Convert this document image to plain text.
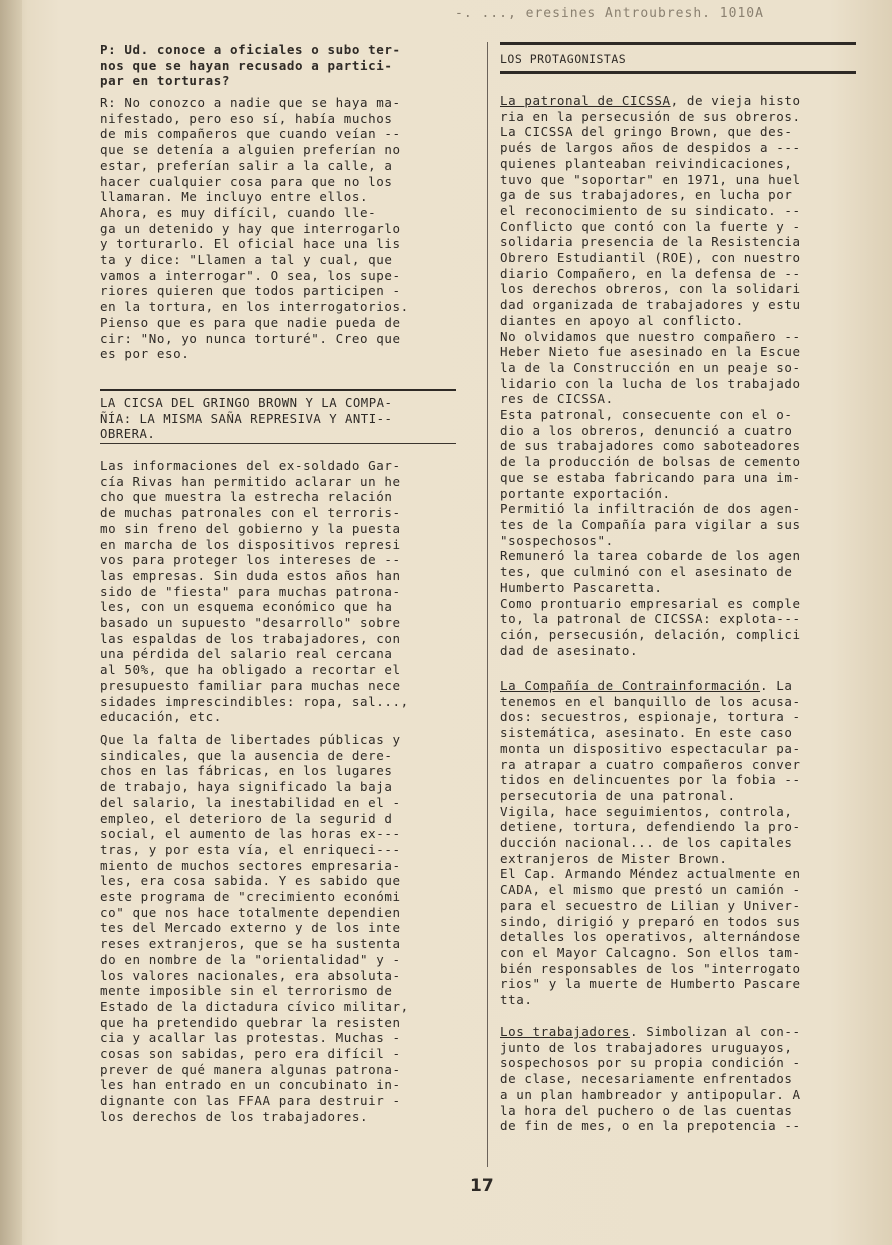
-. ..., eresines Antroubresh. 1010A

P: Ud. conoce a oficiales o subo ter-
nos que se hayan recusado a partici-
par en torturas?

R: No conozco a nadie que se haya ma-
nifestado, pero eso sí, había muchos
de mis compañeros que cuando veían --
que se detenía a alguien preferían no
estar, preferían salir a la calle, a
hacer cualquier cosa para que no los
llamaran. Me incluyo entre ellos.
Ahora, es muy difícil, cuando lle-
ga un detenido y hay que interrogarlo
y torturarlo. El oficial hace una lis
ta y dice: "Llamen a tal y cual, que
vamos a interrogar". O sea, los supe-
riores quieren que todos participen -
en la tortura, en los interrogatorios.
Pienso que es para que nadie pueda de
cir: "No, yo nunca torturé". Creo que
es por eso.

LA CICSA DEL GRINGO BROWN Y LA COMPA-
ÑÍA: LA MISMA SAÑA REPRESIVA Y ANTI--
OBRERA.

Las informaciones del ex-soldado Gar-
cía Rivas han permitido aclarar un he
cho que muestra la estrecha relación
de muchas patronales con el terroris-
mo sin freno del gobierno y la puesta
en marcha de los dispositivos represi
vos para proteger los intereses de --
las empresas. Sin duda estos años han
sido de "fiesta" para muchas patrona-
les, con un esquema económico que ha
basado un supuesto "desarrollo" sobre
las espaldas de los trabajadores, con
una pérdida del salario real cercana
al 50%, que ha obligado a recortar el
presupuesto familiar para muchas nece
sidades imprescindibles: ropa, sal...,
educación, etc.

Que la falta de libertades públicas y
sindicales, que la ausencia de dere-
chos en las fábricas, en los lugares
de trabajo, haya significado la baja
del salario, la inestabilidad en el -
empleo, el deterioro de la segurid d
social, el aumento de las horas ex---
tras, y por esta vía, el enriqueci---
miento de muchos sectores empresaria-
les, era cosa sabida. Y es sabido que
este programa de "crecimiento económi
co" que nos hace totalmente dependien
tes del Mercado externo y de los inte
reses extranjeros, que se ha sustenta
do en nombre de la "orientalidad" y -
los valores nacionales, era absoluta-
mente imposible sin el terrorismo de
Estado de la dictadura cívico militar,
que ha pretendido quebrar la resisten
cia y acallar las protestas. Muchas -
cosas son sabidas, pero era difícil -
prever de qué manera algunas patrona-
les han entrado en un concubinato in-
dignante con las FFAA para destruir -
los derechos de los trabajadores.

LOS PROTAGONISTAS

La patronal de CICSSA, de vieja histo
ria en la persecusión de sus obreros.
La CICSSA del gringo Brown, que des-
pués de largos años de despidos a ---
quienes planteaban reivindicaciones,
tuvo que "soportar" en 1971, una huel
ga de sus trabajadores, en lucha por
el reconocimiento de su sindicato. --
Conflicto que contó con la fuerte y -
solidaria presencia de la Resistencia
Obrero Estudiantil (ROE), con nuestro
diario Compañero, en la defensa de --
los derechos obreros, con la solidari
dad organizada de trabajadores y estu
diantes en apoyo al conflicto.
No olvidamos que nuestro compañero --
Heber Nieto fue asesinado en la Escue
la de la Construcción en un peaje so-
lidario con la lucha de los trabajado
res de CICSSA.
Esta patronal, consecuente con el o-
dio a los obreros, denunció a cuatro
de sus trabajadores como saboteadores
de la producción de bolsas de cemento
que se estaba fabricando para una im-
portante exportación.
Permitió la infiltración de dos agen-
tes de la Compañía para vigilar a sus
"sospechosos".
Remuneró la tarea cobarde de los agen
tes, que culminó con el asesinato de
Humberto Pascaretta.
Como prontuario empresarial es comple
to, la patronal de CICSSA: explota---
ción, persecusión, delación, complici
dad de asesinato.

La Compañía de Contrainformación. La
tenemos en el banquillo de los acusa-
dos: secuestros, espionaje, tortura -
sistemática, asesinato. En este caso
monta un dispositivo espectacular pa-
ra atrapar a cuatro compañeros conver
tidos en delincuentes por la fobia --
persecutoria de una patronal.
Vigila, hace seguimientos, controla,
detiene, tortura, defendiendo la pro-
ducción nacional... de los capitales
extranjeros de Mister Brown.
El Cap. Armando Méndez actualmente en
CADA, el mismo que prestó un camión -
para el secuestro de Lilian y Univer-
sindo, dirigió y preparó en todos sus
detalles los operativos, alternándose
con el Mayor Calcagno. Son ellos tam-
bién responsables de los "interrogato
rios" y la muerte de Humberto Pascare
tta.

Los trabajadores. Simbolizan al con--
junto de los trabajadores uruguayos,
sospechosos por su propia condición -
de clase, necesariamente enfrentados
a un plan hambreador y antipopular. A
la hora del puchero o de las cuentas
de fin de mes, o en la prepotencia --

17
